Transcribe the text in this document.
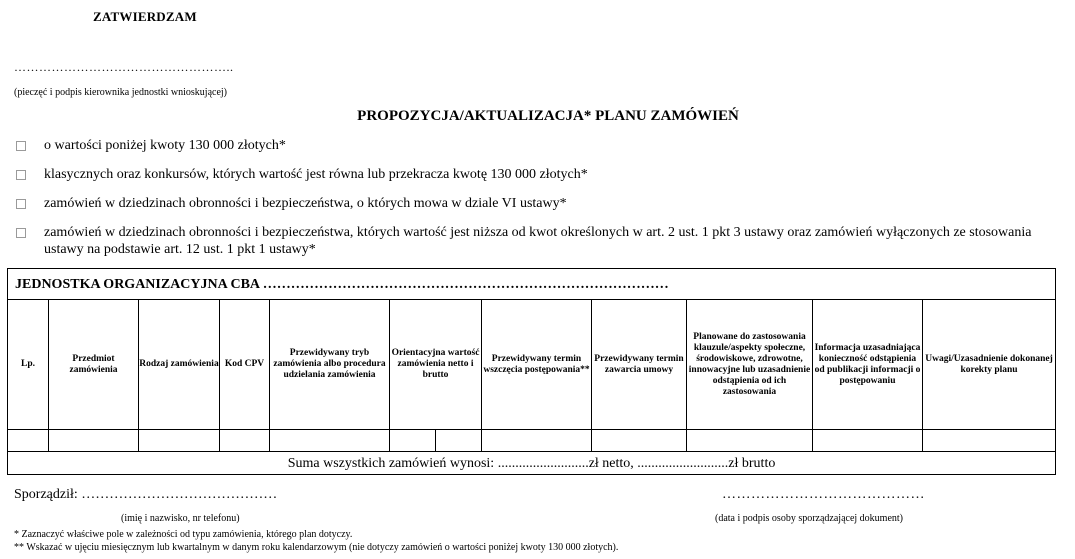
ZATWIERDZAM
……………………………………………..
(pieczęć i podpis kierownika jednostki wnioskującej)
PROPOZYCJA/AKTUALIZACJA* PLANU ZAMÓWIEŃ
o wartości poniżej kwoty 130 000 złotych*
klasycznych oraz konkursów, których wartość jest równa lub przekracza kwotę 130 000 złotych*
zamówień w dziedzinach obronności i bezpieczeństwa, o których mowa w dziale VI ustawy*
zamówień w dziedzinach obronności i bezpieczeństwa, których wartość jest niższa od kwot określonych w art. 2 ust. 1 pkt 3 ustawy oraz zamówień wyłączonych ze stosowania ustawy na podstawie art. 12 ust. 1 pkt 1 ustawy*
JEDNOSTKA ORGANIZACYJNA CBA ……………………………………………………………………………											
Lp.	Przedmiot zamówienia	Rodzaj zamówienia	Kod CPV	Przewidywany tryb zamówienia albo procedura udzielania zamówienia	Orientacyjna wartość zamówienia netto i brutto		Przewidywany termin wszczęcia postępowania**	Przewidywany termin zawarcia umowy	Planowane do zastosowania klauzule/aspekty społeczne, środowiskowe, zdrowotne, innowacyjne lub uzasadnienie odstąpienia od ich zastosowania	Informacja uzasadniająca konieczność odstąpienia od publikacji informacji o postępowaniu	Uwagi/Uzasadnienie dokonanej korekty planu

Suma wszystkich zamówień wynosi: ..........................zł netto, ..........................zł brutto											
Sporządził: ……………………………………	……………………………………
(imię i nazwisko, nr telefonu)	(data i podpis osoby sporządzającej dokument)
* Zaznaczyć właściwe pole w zależności od typu zamówienia, którego plan dotyczy.
** Wskazać w ujęciu miesięcznym lub kwartalnym w danym roku kalendarzowym (nie dotyczy zamówień o wartości poniżej kwoty 130 000 złotych).
